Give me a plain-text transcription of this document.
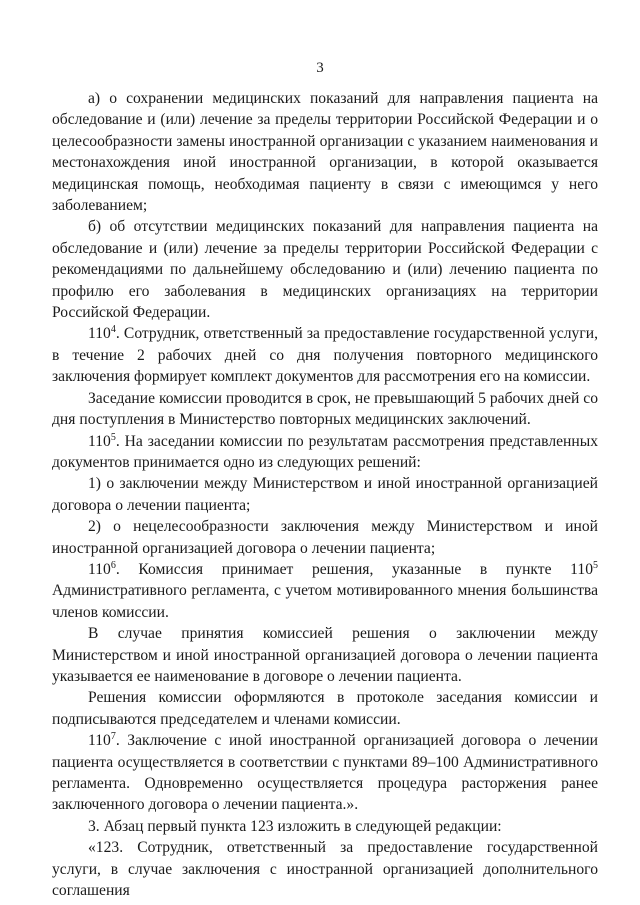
3

а) о сохранении медицинских показаний для направления пациента на обследование и (или) лечение за пределы территории Российской Федерации и о целесообразности замены иностранной организации с указанием наименования и местонахождения иной иностранной организации, в которой оказывается медицинская помощь, необходимая пациенту в связи с имеющимся у него заболеванием;

б) об отсутствии медицинских показаний для направления пациента на обследование и (или) лечение за пределы территории Российской Федерации с рекомендациями по дальнейшему обследованию и (или) лечению пациента по профилю его заболевания в медицинских организациях на территории Российской Федерации.

$110^4$. Сотрудник, ответственный за предоставление государственной услуги, в течение 2 рабочих дней со дня получения повторного медицинского заключения формирует комплект документов для рассмотрения его на комиссии.

Заседание комиссии проводится в срок, не превышающий 5 рабочих дней со дня поступления в Министерство повторных медицинских заключений.

$110^5$. На заседании комиссии по результатам рассмотрения представленных документов принимается одно из следующих решений:

1) о заключении между Министерством и иной иностранной организацией договора о лечении пациента;

2) о нецелесообразности заключения между Министерством и иной иностранной организацией договора о лечении пациента;

$110^6$. Комиссия принимает решения, указанные в пункте $110^5$ Административного регламента, с учетом мотивированного мнения большинства членов комиссии.

В случае принятия комиссией решения о заключении между Министерством и иной иностранной организацией договора о лечении пациента указывается ее наименование в договоре о лечении пациента.

Решения комиссии оформляются в протоколе заседания комиссии и подписываются председателем и членами комиссии.

$110^7$. Заключение с иной иностранной организацией договора о лечении пациента осуществляется в соответствии с пунктами 89–100 Административного регламента. Одновременно осуществляется процедура расторжения ранее заключенного договора о лечении пациента.».

3. Абзац первый пункта 123 изложить в следующей редакции:

«123. Сотрудник, ответственный за предоставление государственной услуги, в случае заключения с иностранной организацией дополнительного соглашения
